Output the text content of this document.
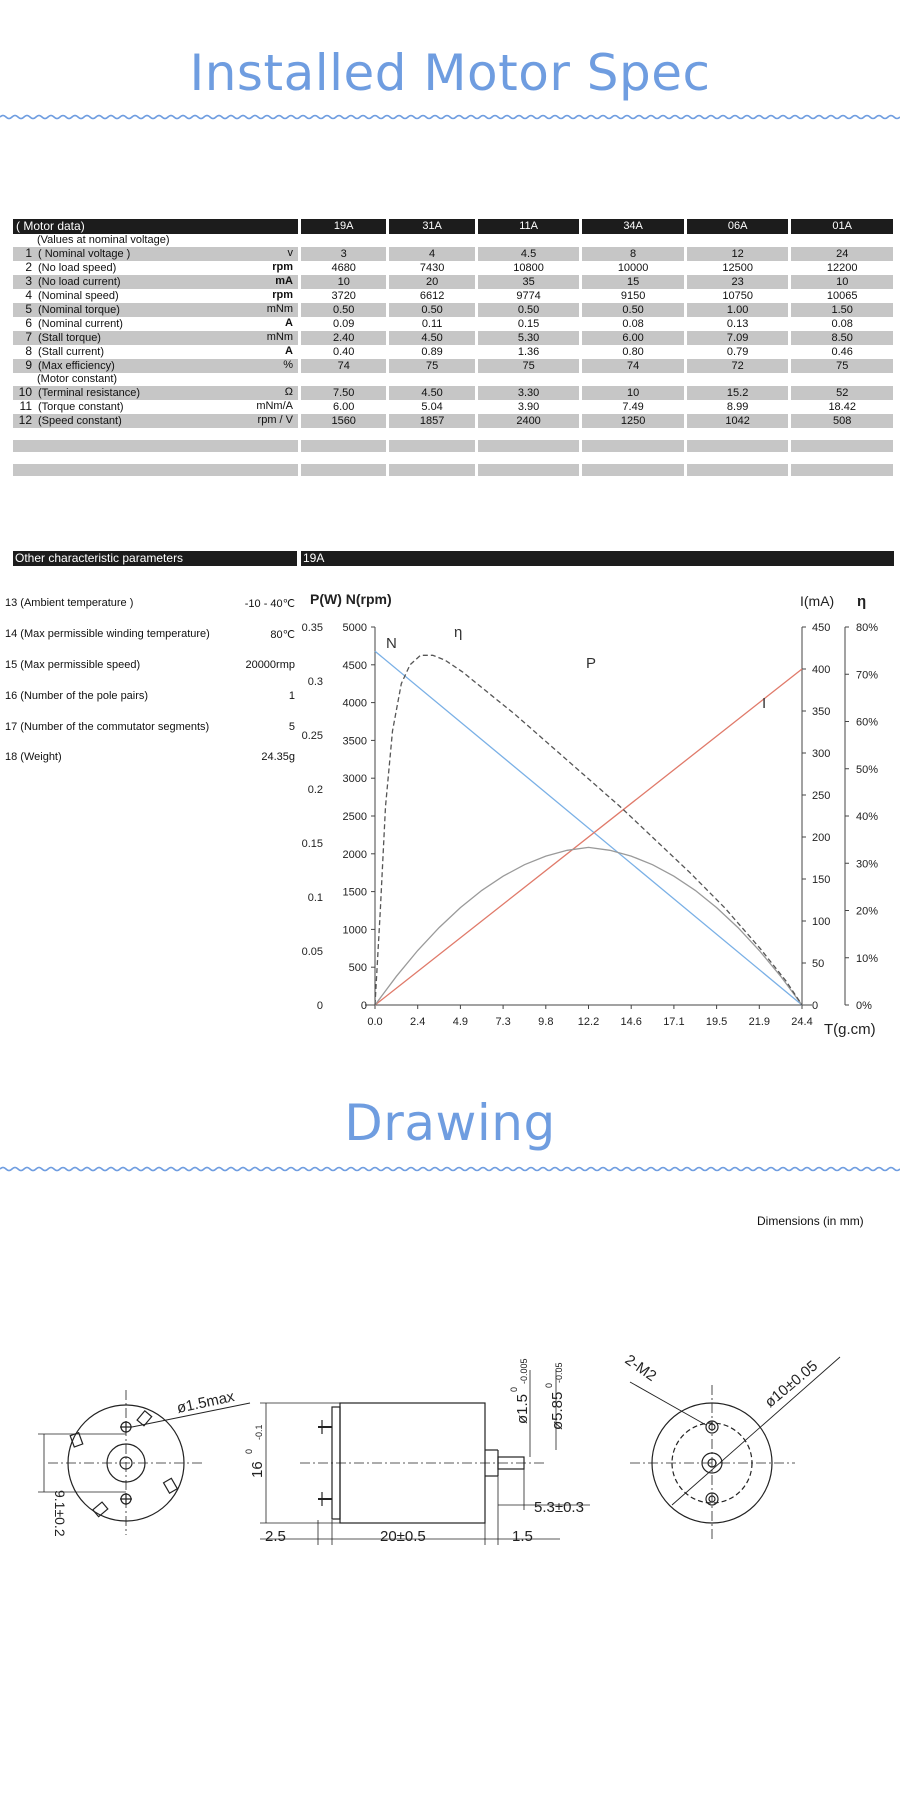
Installed Motor Spec
( Motor data)	19A	31A	11A	34A	06A	01A
(Values at nominal voltage)						

1 ( Nominal voltage ) v	3	4	4.5	8	12	24

2 (No load speed) rpm	4680	7430	10800	10000	12500	12200

3 (No load current) mA	10	20	35	15	23	10

4 (Nominal speed) rpm	3720	6612	9774	9150	10750	10065

5 (Nominal torque) mNm	0.50	0.50	0.50	0.50	1.00	1.50

6 (Nominal current) A	0.09	0.11	0.15	0.08	0.13	0.08

7 (Stall torque) mNm	2.40	4.50	5.30	6.00	7.09	8.50

8 (Stall current) A	0.40	0.89	1.36	0.80	0.79	0.46

9 (Max efficiency) %	74	75	75	74	72	75
(Motor constant)						

10 (Terminal resistance) Ω	7.50	4.50	3.30	10	15.2	52

11 (Torque constant) mNm/A	6.00	5.04	3.90	7.49	8.99	18.42

12 (Speed constant) rpm / V	1560	1857	2400	1250	1042	508

Other characteristic parameters	19A
13 (Ambient temperature )	-10 - 40℃
14 (Max permissible winding temperature)	80℃
15 (Max permissible speed)	20000rmp
16 (Number of the pole pairs)	1
17 (Number of the commutator segments)	5
18 (Weight)	24.35g
0.0 2.4 4.9 7.3 9.8 12.2 14.6 17.1 19.5 21.9 24.4
0
0.05
0.1
0.15
0.2
0.25
0.3
0.35
0
500
1000
1500
2000
2500
3000
3500
4000
4500
5000
0
50
100
150
200
250
300
350
400
450
0%
10%
20%
30%
40%
50%
60%
70%
80%
P(W) N(rpm)	I(mA) η
T(g.cm)
N
I
P
η
Drawing
Dimensions (in mm)
ø1.5max
9.1±0.2
16
0
-0.1
ø1.5
0
-0.005
ø5.85
0
-0.05
5.3±0.3
2.5	20±0.5	1.5
2-M2	ø10±0.05
